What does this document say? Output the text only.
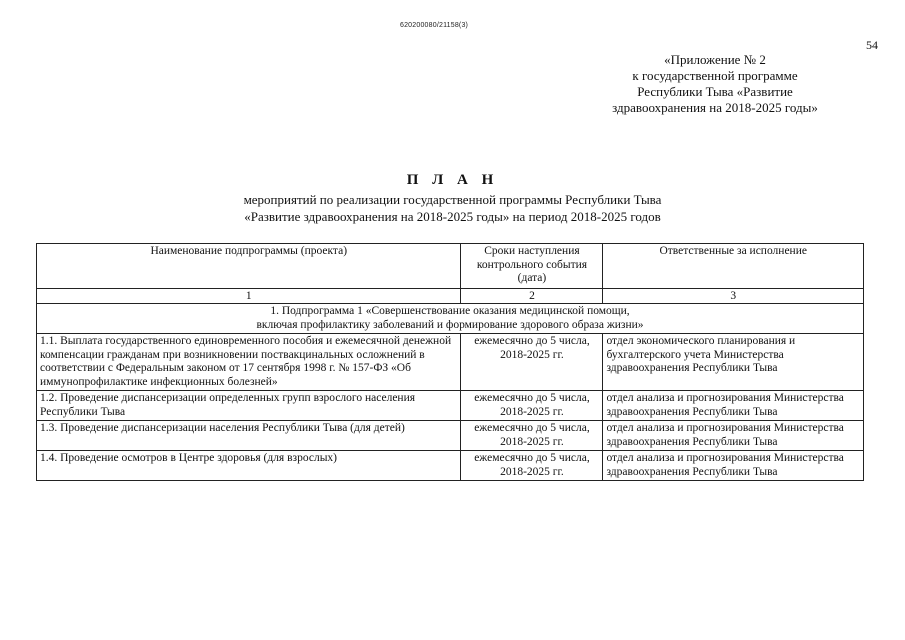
620200080/21158(3)
54
«Приложение № 2
к государственной программе
Республики Тыва «Развитие
здравоохранения на 2018-2025 годы»
П Л А Н
мероприятий по реализации государственной программы Республики Тыва
«Развитие здравоохранения на 2018-2025 годы» на период 2018-2025 годов
Наименование подпрограммы (проекта)	Сроки наступления контрольного события (дата)	Ответственные за исполнение
1	2	3

1. Подпрограмма 1 «Совершенствование оказания медицинской помощи,
включая профилактику заболеваний и формирование здорового образа жизни»		

1.1. Выплата государственного единовременного пособия и ежемесячной денежной компенсации гражданам при возникновении поствакцинальных осложнений в соответствии с Федеральным законом от 17 сентября 1998 г. № 157-ФЗ «Об иммунопрофилактике инфекционных болезней»	ежемесячно до 5 числа, 2018-2025 гг.	отдел экономического планирования и бухгалтерского учета Министерства здравоохранения Республики Тыва
1.2. Проведение диспансеризации определенных групп взрослого населения Республики Тыва	ежемесячно до 5 числа, 2018-2025 гг.	отдел анализа и прогнозирования Министерства здравоохранения Республики Тыва
1.3. Проведение диспансеризации населения Республики Тыва (для детей)	ежемесячно до 5 числа, 2018-2025 гг.	отдел анализа и прогнозирования Министерства здравоохранения Республики Тыва
1.4. Проведение осмотров в Центре здоровья (для взрослых)	ежемесячно до 5 числа, 2018-2025 гг.	отдел анализа и прогнозирования Министерства здравоохранения Республики Тыва
